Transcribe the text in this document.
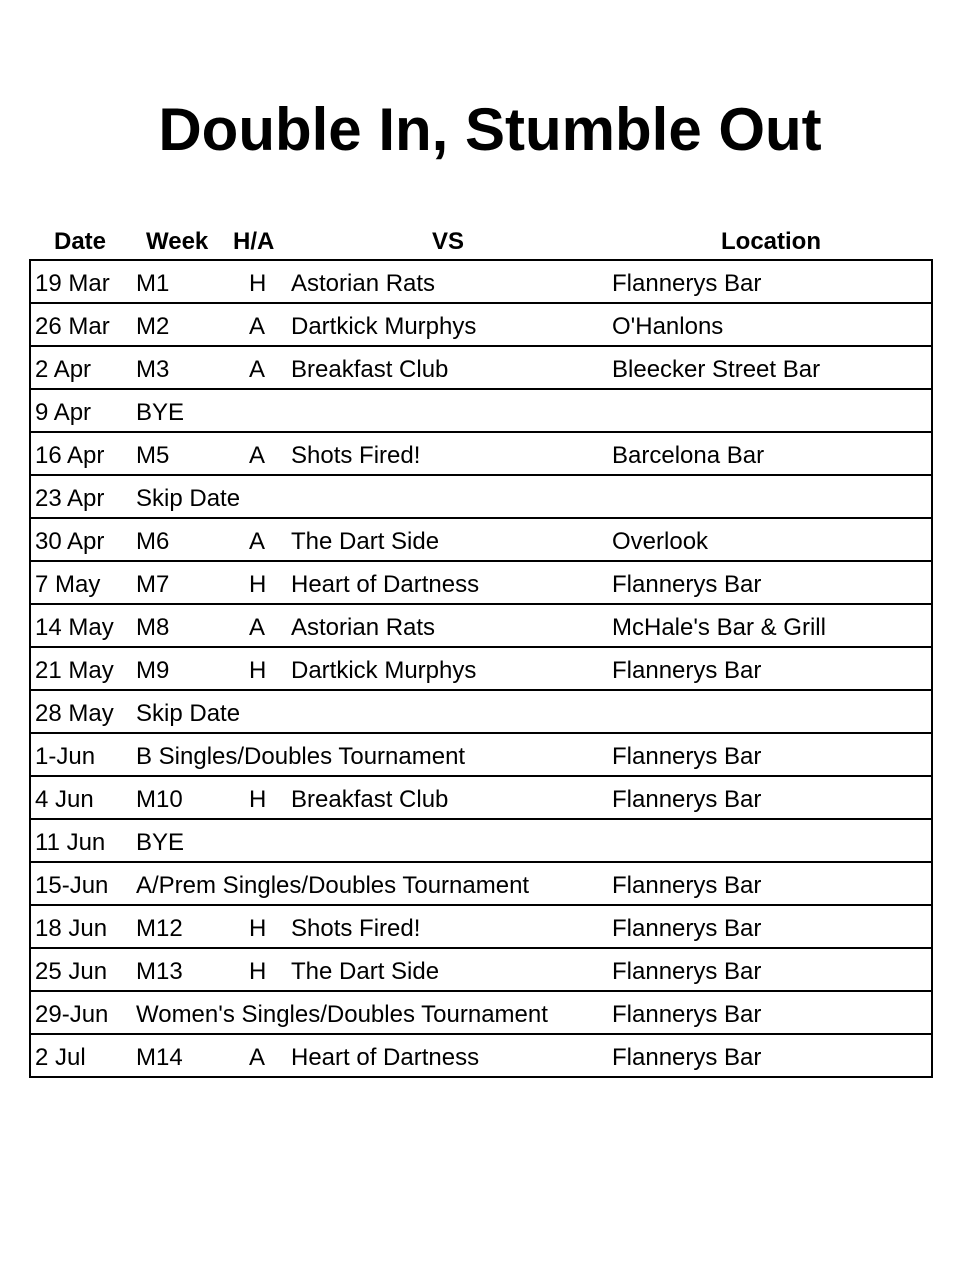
Double In, Stumble Out
Date Week H/A	VS	Location
19 Mar M1	H Astorian Rats	Flannerys Bar
26 Mar M2	A Dartkick Murphys	O'Hanlons
2 Apr M3	A Breakfast Club	Bleecker Street Bar
9 Apr BYE
16 Apr M5	A Shots Fired!	Barcelona Bar
23 Apr Skip Date
30 Apr M6	A The Dart Side	Overlook
7 May M7	H Heart of Dartness	Flannerys Bar
14 May M8	A Astorian Rats	McHale's Bar & Grill
21 May M9	H Dartkick Murphys	Flannerys Bar
28 May Skip Date
1-Jun B Singles/Doubles Tournament	Flannerys Bar
4 Jun M10	H Breakfast Club	Flannerys Bar
11 Jun BYE
15-Jun A/Prem Singles/Doubles Tournament	Flannerys Bar
18 Jun M12	H Shots Fired!	Flannerys Bar
25 Jun M13	H The Dart Side	Flannerys Bar
29-Jun Women's Singles/Doubles Tournament	Flannerys Bar
2 Jul M14	A Heart of Dartness	Flannerys Bar
